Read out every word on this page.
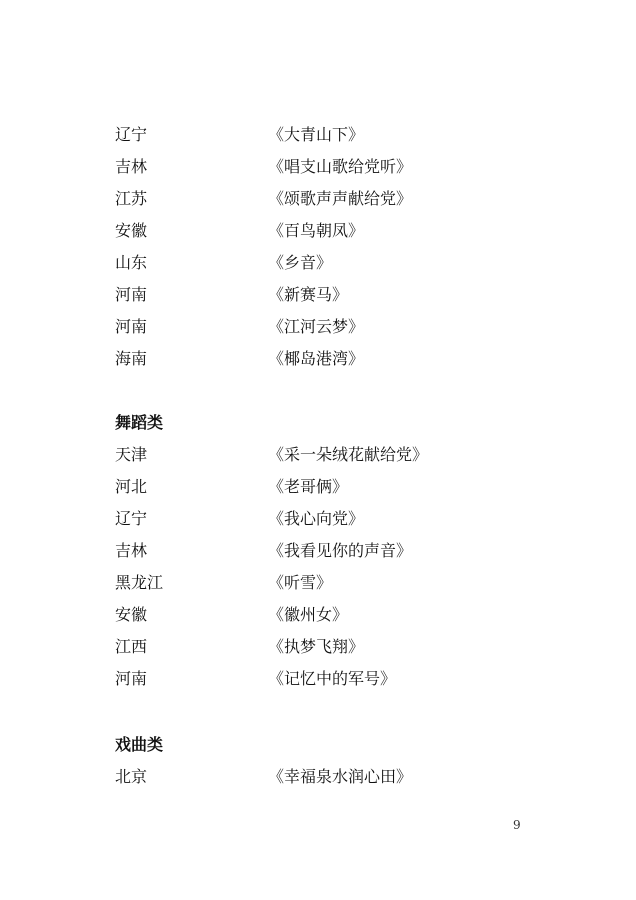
辽宁	《大青山下》
吉林	《唱支山歌给党听》
江苏	《颂歌声声献给党》
安徽	《百鸟朝凤》
山东	《乡音》
河南	《新赛马》
河南	《江河云梦》
海南	《椰岛港湾》
舞蹈类
天津	《采一朵绒花献给党》
河北	《老哥俩》
辽宁	《我心向党》
吉林	《我看见你的声音》
黑龙江	《听雪》
安徽	《徽州女》
江西	《执梦飞翔》
河南	《记忆中的军号》
戏曲类
北京	《幸福泉水润心田》
9
